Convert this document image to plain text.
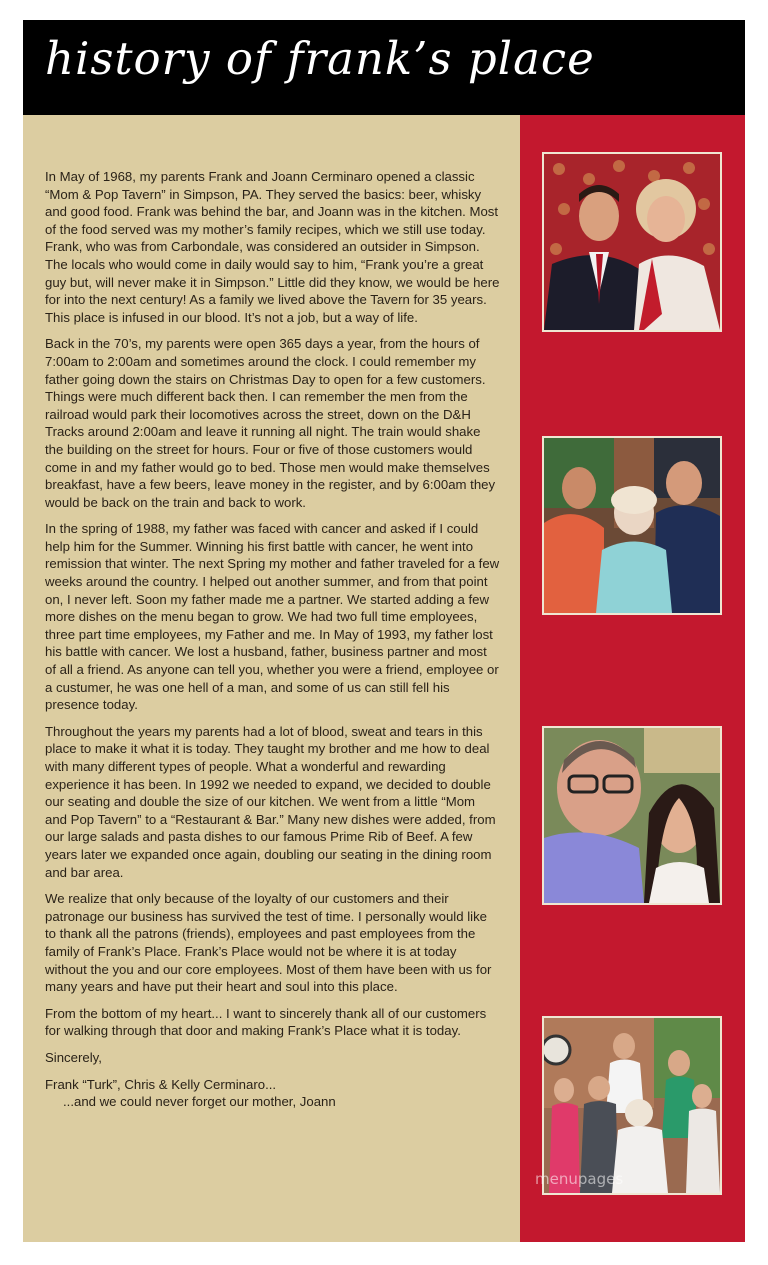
history of frank’s place

In May of 1968, my parents Frank and Joann Cerminaro opened a classic “Mom & Pop Tavern” in Simpson, PA. They served the basics: beer, whisky and good food. Frank was behind the bar, and Joann was in the kitchen. Most of the food served was my mother’s family recipes, which we still use today. Frank, who was from Carbondale, was considered an outsider in Simpson. The locals who would come in daily would say to him, “Frank you’re a great guy but, will never make it in Simpson.” Little did they know, we would be here for into the next century! As a family we lived above the Tavern for 35 years. This place is infused in our blood. It’s not a job, but a way of life.

Back in the 70’s, my parents were open 365 days a year, from the hours of 7:00am to 2:00am and sometimes around the clock. I could remember my father going down the stairs on Christmas Day to open for a few customers. Things were much different back then. I can remember the men from the railroad would park their locomotives across the street, down on the D&H Tracks around 2:00am and leave it running all night. The train would shake the building on the street for hours. Four or five of those customers would come in and my father would go to bed. Those men would make themselves breakfast, have a few beers, leave money in the register, and by 6:00am they would be back on the train and back to work.

In the spring of 1988, my father was faced with cancer and asked if I could help him for the Summer. Winning his first battle with cancer, he went into remission that winter. The next Spring my mother and father traveled for a few weeks around the country. I helped out another summer, and from that point on, I never left. Soon my father made me a partner. We started adding a few more dishes on the menu began to grow. We had two full time employees, three part time employees, my Father and me. In May of 1993, my father lost his battle with cancer. We lost a husband, father, business partner and most of all a friend. As anyone can tell you, whether you were a friend, employee or a custumer, he was one hell of a man, and some of us can still fell his presence today.

Throughout the years my parents had a lot of blood, sweat and tears in this place to make it what it is today. They taught my brother and me how to deal with many different types of people. What a wonderful and rewarding experience it has been. In 1992 we needed to expand, we decided to double our seating and double the size of our kitchen. We went from a little “Mom and Pop Tavern” to a “Restaurant & Bar.” Many new dishes were added, from our large salads and pasta dishes to our famous Prime Rib of Beef. A few years later we expanded once again, doubling our seating in the dining room and bar area.

We realize that only because of the loyalty of our customers and their patronage our business has survived the test of time. I personally would like to thank all the patrons (friends), employees and past employees from the family of Frank’s Place. Frank’s Place would not be where it is at today without the you and our core employees. Most of them have been with us for many years and have put their heart and soul into this place.

From the bottom of my heart... I want to sincerely thank all of our customers for walking through that door and making Frank’s Place what it is today.

Sincerely,

Frank “Turk”, Chris & Kelly Cerminaro...
...and we could never forget our mother, Joann
menupages
